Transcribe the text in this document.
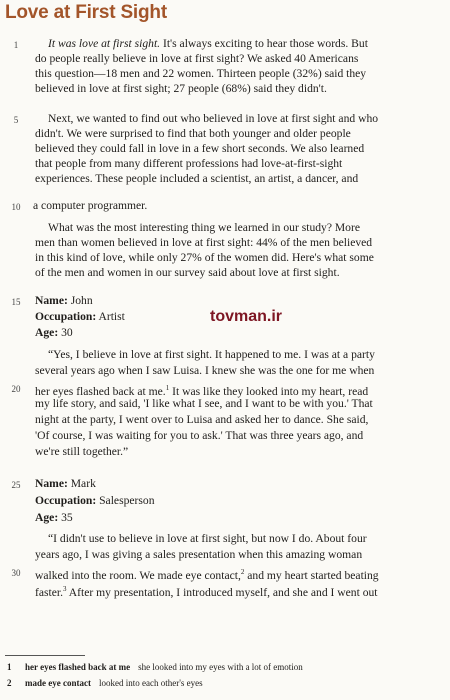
Love at First Sight
1
5
10
15
20
25
30
It was love at first sight. It's always exciting to hear those words. But
do people really believe in love at first sight? We asked 40 Americans
this question—18 men and 22 women. Thirteen people (32%) said they
believed in love at first sight; 27 people (68%) said they didn't.
Next, we wanted to find out who believed in love at first sight and who
didn't. We were surprised to find that both younger and older people
believed they could fall in love in a few short seconds. We also learned
that people from many different professions had love-at-first-sight
experiences. These people included a scientist, an artist, a dancer, and
a computer programmer.
What was the most interesting thing we learned in our study? More
men than women believed in love at first sight: 44% of the men believed
in this kind of love, while only 27% of the women did. Here's what some
of the men and women in our survey said about love at first sight.
Name: John
Occupation: Artist
Age: 30
tovman.ir
“Yes, I believe in love at first sight. It happened to me. I was at a party
several years ago when I saw Luisa. I knew she was the one for me when
her eyes flashed back at me.$^1$ It was like they looked into my heart, read
my life story, and said, 'I like what I see, and I want to be with you.' That
night at the party, I went over to Luisa and asked her to dance. She said,
'Of course, I was waiting for you to ask.' That was three years ago, and
we're still together.”
Name: Mark
Occupation: Salesperson
Age: 35
“I didn't use to believe in love at first sight, but now I do. About four
years ago, I was giving a sales presentation when this amazing woman
walked into the room. We made eye contact,$^2$ and my heart started beating
faster.$^3$ After my presentation, I introduced myself, and she and I went out
1 her eyes flashed back at me she looked into my eyes with a lot of emotion
2 made eye contact looked into each other's eyes
